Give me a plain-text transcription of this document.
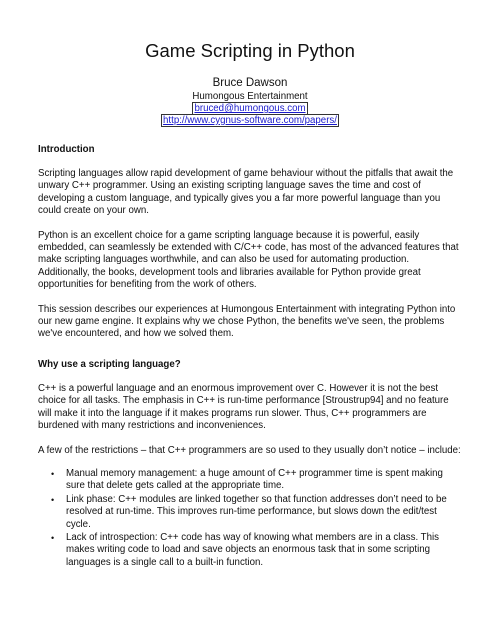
Game Scripting in Python
Bruce Dawson
Humongous Entertainment
bruced@humongous.com
http://www.cygnus-software.com/papers/
Introduction

Scripting languages allow rapid development of game behaviour without the pitfalls that await the unwary C++ programmer. Using an existing scripting language saves the time and cost of developing a custom language, and typically gives you a far more powerful language than you could create on your own.

Python is an excellent choice for a game scripting language because it is powerful, easily embedded, can seamlessly be extended with C/C++ code, has most of the advanced features that make scripting languages worthwhile, and can also be used for automating production. Additionally, the books, development tools and libraries available for Python provide great opportunities for benefiting from the work of others.

This session describes our experiences at Humongous Entertainment with integrating Python into our new game engine. It explains why we chose Python, the benefits we've seen, the problems we've encountered, and how we solved them.

Why use a scripting language?

C++ is a powerful language and an enormous improvement over C. However it is not the best choice for all tasks. The emphasis in C++ is run-time performance [Stroustrup94] and no feature will make it into the language if it makes programs run slower. Thus, C++ programmers are burdened with many restrictions and inconveniences.

A few of the restrictions – that C++ programmers are so used to they usually don’t notice – include:

• Manual memory management: a huge amount of C++ programmer time is spent making sure that delete gets called at the appropriate time.
• Link phase: C++ modules are linked together so that function addresses don’t need to be resolved at run-time. This improves run-time performance, but slows down the edit/test cycle.
• Lack of introspection: C++ code has way of knowing what members are in a class. This makes writing code to load and save objects an enormous task that in some scripting languages is a single call to a built-in function.
